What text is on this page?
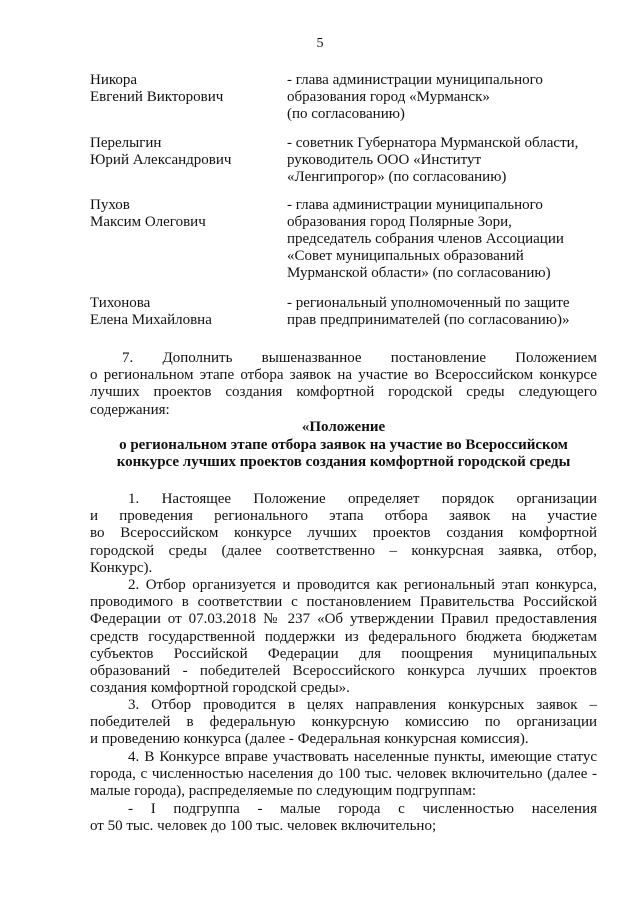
5
Никора
Евгений Викторович
- глава администрации муниципального
образования город «Мурманск»
(по согласованию)
Перелыгин
Юрий Александрович
- советник Губернатора Мурманской области,
руководитель ООО «Институт
«Ленгипрогор» (по согласованию)
Пухов
Максим Олегович
- глава администрации муниципального
образования город Полярные Зори,
председатель собрания членов Ассоциации
«Совет муниципальных образований
Мурманской области» (по согласованию)
Тихонова
Елена Михайловна
- региональный уполномоченный по защите
прав предпринимателей (по согласованию)»
7. Дополнить вышеназванное постановление Положением
о региональном этапе отбора заявок на участие во Всероссийском конкурсе
лучших проектов создания комфортной городской среды следующего
содержания:
«Положение
о региональном этапе отбора заявок на участие во Всероссийском
конкурсе лучших проектов создания комфортной городской среды
1. Настоящее Положение определяет порядок организации
и проведения регионального этапа отбора заявок на участие
во Всероссийском конкурсе лучших проектов создания комфортной
городской среды (далее соответственно – конкурсная заявка, отбор,
Конкурс).
2. Отбор организуется и проводится как региональный этап конкурса,
проводимого в соответствии с постановлением Правительства Российской
Федерации от 07.03.2018 № 237 «Об утверждении Правил предоставления
средств государственной поддержки из федерального бюджета бюджетам
субъектов Российской Федерации для поощрения муниципальных
образований - победителей Всероссийского конкурса лучших проектов
создания комфортной городской среды».
3. Отбор проводится в целях направления конкурсных заявок –
победителей в федеральную конкурсную комиссию по организации
и проведению конкурса (далее - Федеральная конкурсная комиссия).
4. В Конкурсе вправе участвовать населенные пункты, имеющие статус
города, с численностью населения до 100 тыс. человек включительно (далее -
малые города), распределяемые по следующим подгруппам:
- I подгруппа - малые города с численностью населения
от 50 тыс. человек до 100 тыс. человек включительно;
